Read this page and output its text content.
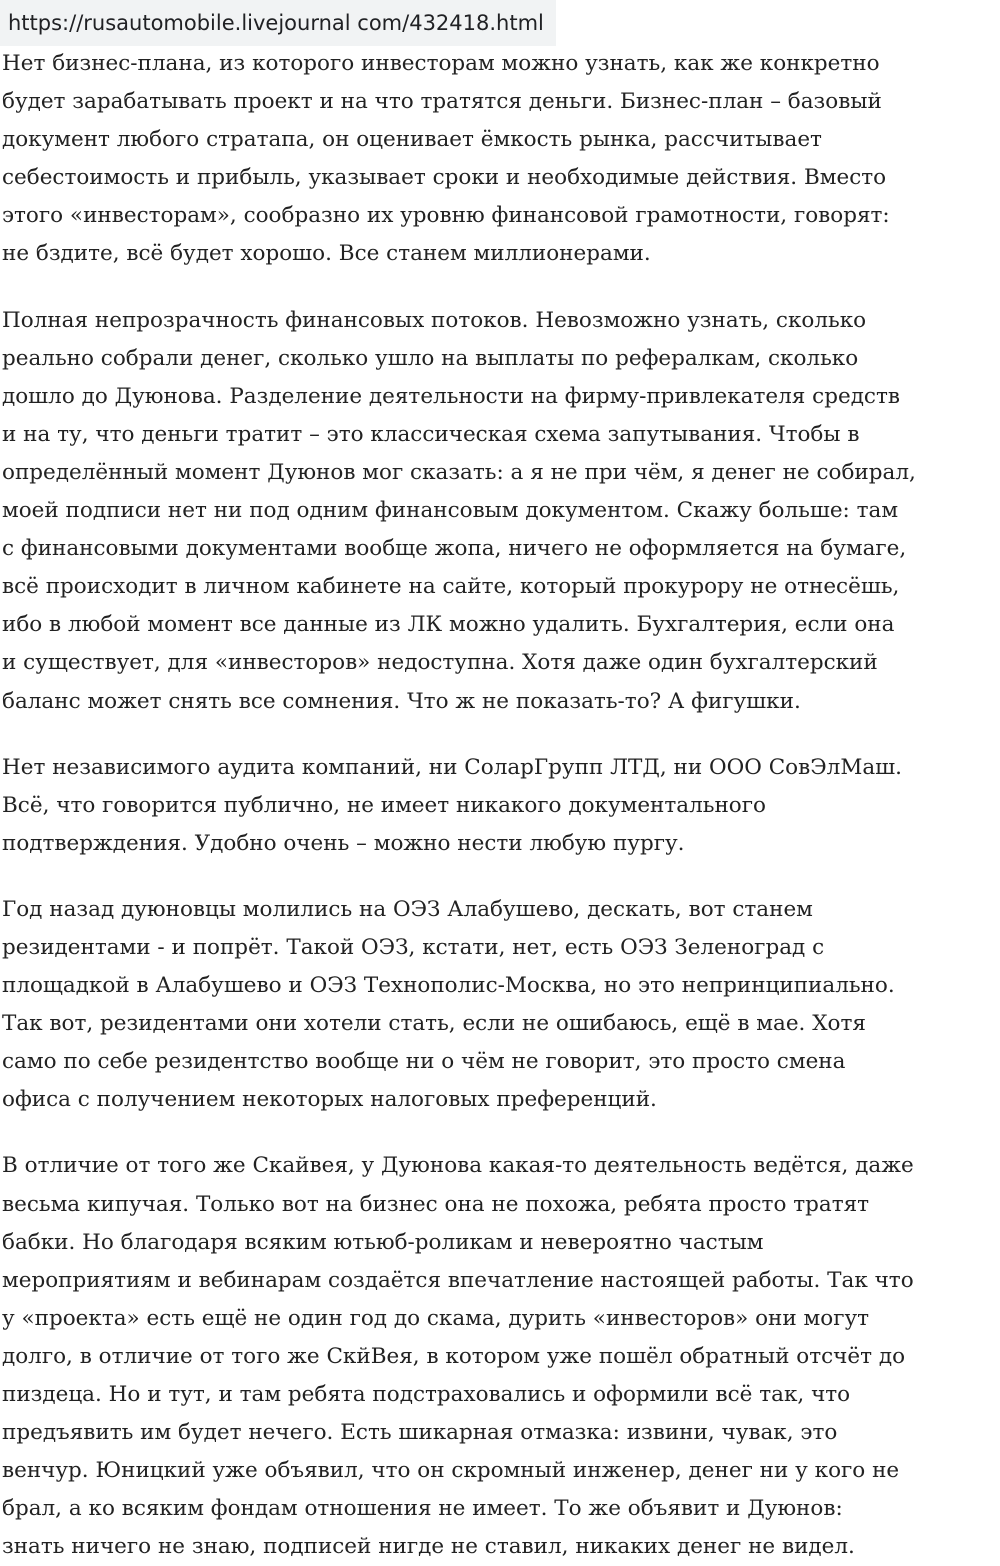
https://rusautomobile.livejournal com/432418.html

Нет бизнес-плана, из которого инвесторам можно узнать, как же конкретно
будет зарабатывать проект и на что тратятся деньги. Бизнес-план – базовый
документ любого стратапа, он оценивает ёмкость рынка, рассчитывает
себестоимость и прибыль, указывает сроки и необходимые действия. Вместо
этого «инвесторам», сообразно их уровню финансовой грамотности, говорят:
не бздите, всё будет хорошо. Все станем миллионерами.

Полная непрозрачность финансовых потоков. Невозможно узнать, сколько
реально собрали денег, сколько ушло на выплаты по рефералкам, сколько
дошло до Дуюнова. Разделение деятельности на фирму-привлекателя средств
и на ту, что деньги тратит – это классическая схема запутывания. Чтобы в
определённый момент Дуюнов мог сказать: а я не при чём, я денег не собирал,
моей подписи нет ни под одним финансовым документом. Скажу больше: там
с финансовыми документами вообще жопа, ничего не оформляется на бумаге,
всё происходит в личном кабинете на сайте, который прокурору не отнесёшь,
ибо в любой момент все данные из ЛК можно удалить. Бухгалтерия, если она
и существует, для «инвесторов» недоступна. Хотя даже один бухгалтерский
баланс может снять все сомнения. Что ж не показать-то? А фигушки.

Нет независимого аудита компаний, ни СоларГрупп ЛТД, ни ООО СовЭлМаш.
Всё, что говорится публично, не имеет никакого документального
подтверждения. Удобно очень – можно нести любую пургу.

Год назад дуюновцы молились на ОЭЗ Алабушево, дескать, вот станем
резидентами - и попрёт. Такой ОЭЗ, кстати, нет, есть ОЭЗ Зеленоград с
площадкой в Алабушево и ОЭЗ Технополис-Москва, но это непринципиально.
Так вот, резидентами они хотели стать, если не ошибаюсь, ещё в мае. Хотя
само по себе резидентство вообще ни о чём не говорит, это просто смена
офиса с получением некоторых налоговых преференций.

В отличие от того же Скайвея, у Дуюнова какая-то деятельность ведётся, даже
весьма кипучая. Только вот на бизнес она не похожа, ребята просто тратят
бабки. Но благодаря всяким ютьюб-роликам и невероятно частым
мероприятиям и вебинарам создаётся впечатление настоящей работы. Так что
у «проекта» есть ещё не один год до скама, дурить «инвесторов» они могут
долго, в отличие от того же СкйВея, в котором уже пошёл обратный отсчёт до
пиздеца. Но и тут, и там ребята подстраховались и оформили всё так, что
предъявить им будет нечего. Есть шикарная отмазка: извини, чувак, это
венчур. Юницкий уже объявил, что он скромный инженер, денег ни у кого не
брал, а ко всяким фондам отношения не имеет. То же объявит и Дуюнов:
знать ничего не знаю, подписей нигде не ставил, никаких денег не видел.
